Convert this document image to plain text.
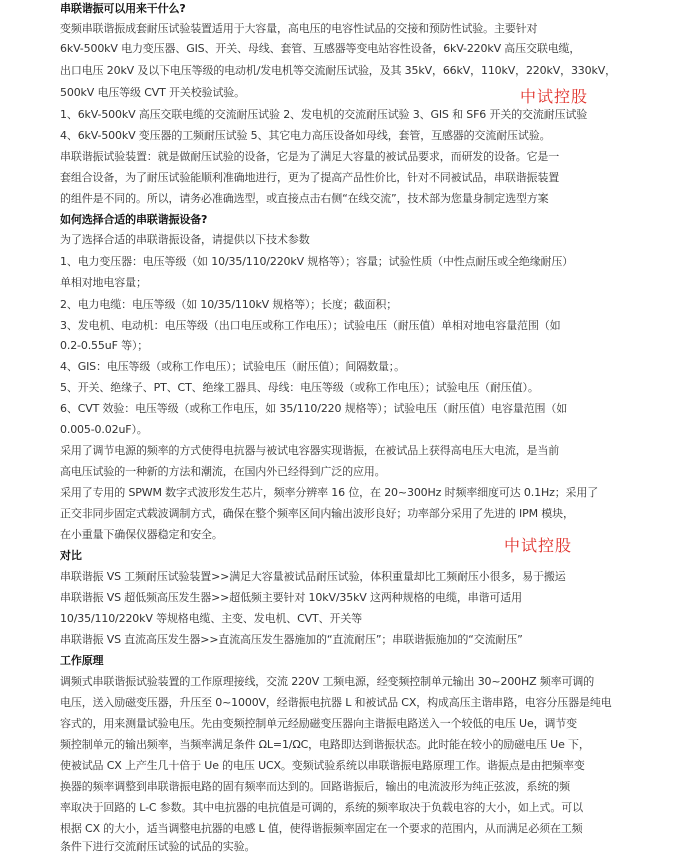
串联谐振可以用来干什么?
变频串联谐振成套耐压试验装置适用于大容量，高电压的电容性试品的交接和预防性试验。主要针对
6kV-500kV 电力变压器、GIS、开关、母线、套管、互感器等变电站容性设备，6kV-220kV 高压交联电缆，
出口电压 20kV 及以下电压等级的电动机/发电机等交流耐压试验，及其 35kV，66kV，110kV，220kV，330kV，
500kV 电压等级 CVT 开关校验试验。
1、6kV-500kV 高压交联电缆的交流耐压试验 2、发电机的交流耐压试验 3、GIS 和 SF6 开关的交流耐压试验
4、6kV-500kV 变压器的工频耐压试验 5、其它电力高压设备如母线，套管，互感器的交流耐压试验。
串联谐振试验装置：就是做耐压试验的设备，它是为了满足大容量的被试品要求，而研发的设备。它是一
套组合设备，为了耐压试验能顺利准确地进行，更为了提高产品性价比，针对不同被试品，串联谐振装置
的组件是不同的。所以，请务必准确选型，或直接点击右侧“在线交流”，技术部为您量身制定选型方案
如何选择合适的串联谐振设备?
为了选择合适的串联谐振设备，请提供以下技术参数
1、电力变压器：电压等级（如 10/35/110/220kV 规格等）；容量；试验性质（中性点耐压或全绝缘耐压）
单相对地电容量；
2、电力电缆：电压等级（如 10/35/110kV 规格等）；长度；截面积；
3、发电机、电动机：电压等级（出口电压或称工作电压）；试验电压（耐压值）单相对地电容量范围（如
0.2-0.55uF 等）；
4、GIS：电压等级（或称工作电压）；试验电压（耐压值）；间隔数量；。
5、开关、绝缘子、PT、CT、绝缘工器具、母线：电压等级（或称工作电压）；试验电压（耐压值）。
6、CVT 效验：电压等级（或称工作电压，如 35/110/220 规格等）；试验电压（耐压值）电容量范围（如
0.005-0.02uF）。
采用了调节电源的频率的方式使得电抗器与被试电容器实现谐振，在被试品上获得高电压大电流，是当前
高电压试验的一种新的方法和潮流，在国内外已经得到广泛的应用。
采用了专用的 SPWM 数字式波形发生芯片，频率分辨率 16 位，在 20~300Hz 时频率细度可达 0.1Hz；采用了
正交非同步固定式载波调制方式，确保在整个频率区间内输出波形良好；功率部分采用了先进的 IPM 模块，
在小重量下确保仪器稳定和安全。
对比
串联谐振 VS 工频耐压试验装置>>满足大容量被试品耐压试验，体积重量却比工频耐压小很多，易于搬运
串联谐振 VS 超低频高压发生器>>超低频主要针对 10kV/35kV 这两种规格的电缆，串谐可适用
10/35/110/220kV 等规格电缆、主变、发电机、CVT、开关等
串联谐振 VS 直流高压发生器>>直流高压发生器施加的“直流耐压”；串联谐振施加的“交流耐压”
工作原理
调频式串联谐振试验装置的工作原理接线，交流 220V 工频电源，经变频控制单元输出 30~200HZ 频率可调的
电压，送入励磁变压器，升压至 0~1000V，经谐振电抗器 L 和被试品 CX，构成高压主谐串路，电容分压器是纯电
容式的，用来测量试验电压。先由变频控制单元经励磁变压器向主谐振电路送入一个较低的电压 Ue，调节变
频控制单元的输出频率，当频率满足条件 ΩL=1/ΩC，电路即达到谐振状态。此时能在较小的励磁电压 Ue 下，
使被试品 CX 上产生几十倍于 Ue 的电压 UCX。变频试验系统以串联谐振电路原理工作。谐振点是由把频率变
换器的频率调整到串联谐振电路的固有频率而达到的。回路谐振后，输出的电流波形为纯正弦波，系统的频
率取决于回路的 L-C 参数。其中电抗器的电抗值是可调的，系统的频率取决于负载电容的大小，如上式。可以
根据 CX 的大小，适当调整电抗器的电感 L 值，使得谐振频率固定在一个要求的范围内，从而满足必须在工频
条件下进行交流耐压试验的试品的实验。
中试控股
中试控股
